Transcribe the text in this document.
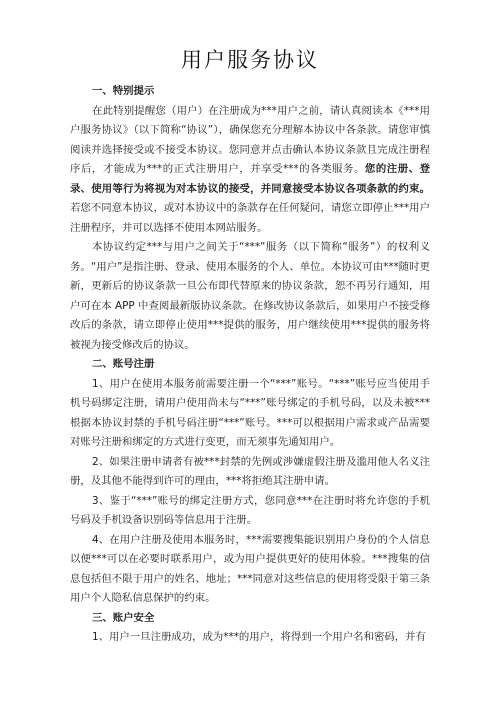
用户服务协议

一、特别提示

在此特别提醒您（用户）在注册成为***用户之前，请认真阅读本《***用户服务协议》（以下简称“协议”），确保您充分理解本协议中各条款。请您审慎阅读并选择接受或不接受本协议。您同意并点击确认本协议条款且完成注册程序后，才能成为***的正式注册用户，并享受***的各类服务。您的注册、登录、使用等行为将视为对本协议的接受，并同意接受本协议各项条款的约束。若您不同意本协议，或对本协议中的条款存在任何疑问，请您立即停止***用户注册程序，并可以选择不使用本网站服务。

本协议约定***与用户之间关于“***”服务（以下简称“服务”）的权利义务。“用户”是指注册、登录、使用本服务的个人、单位。本协议可由***随时更新，更新后的协议条款一旦公布即代替原来的协议条款，恕不再另行通知，用户可在本 APP 中查阅最新版协议条款。在修改协议条款后，如果用户不接受修改后的条款，请立即停止使用***提供的服务，用户继续使用***提供的服务将被视为接受修改后的协议。

二、账号注册

1、用户在使用本服务前需要注册一个“***”账号。“***”账号应当使用手机号码绑定注册，请用户使用尚未与“***”账号绑定的手机号码，以及未被***根据本协议封禁的手机号码注册“***”账号。***可以根据用户需求或产品需要对账号注册和绑定的方式进行变更，而无须事先通知用户。

2、如果注册申请者有被***封禁的先例或涉嫌虚假注册及滥用他人名义注册，及其他不能得到许可的理由，***将拒绝其注册申请。

3、鉴于“***”账号的绑定注册方式，您同意***在注册时将允许您的手机号码及手机设备识别码等信息用于注册。

4、在用户注册及使用本服务时，***需要搜集能识别用户身份的个人信息以便***可以在必要时联系用户，或为用户提供更好的使用体验。***搜集的信息包括但不限于用户的姓名、地址；***同意对这些信息的使用将受限于第三条用户个人隐私信息保护的约束。

三、账户安全

1、用户一旦注册成功，成为***的用户，将得到一个用户名和密码，并有
